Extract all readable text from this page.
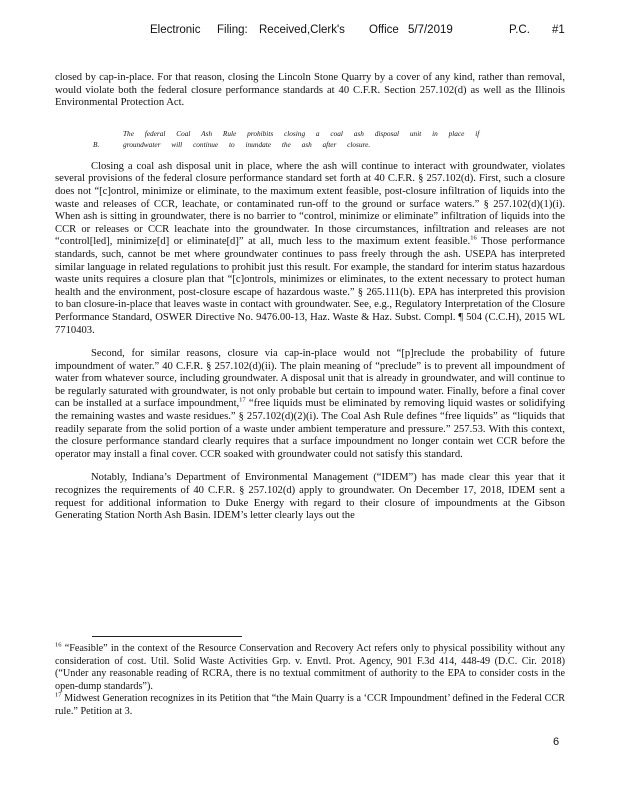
Electronic Filing: Received,Clerk's Office 5/7/2019	P.C. #1

closed by cap-in-place. For that reason, closing the Lincoln Stone Quarry by a cover of any kind, rather than removal, would violate both the federal closure performance standards at 40 C.F.R. Section 257.102(d) as well as the Illinois Environmental Protection Act.

B.The federal Coal Ash Rule prohibits closing a coal ash disposal unit in place if groundwater will continue to inundate the ash after closure.

Closing a coal ash disposal unit in place, where the ash will continue to interact with groundwater, violates several provisions of the federal closure performance standard set forth at 40 C.F.R. § 257.102(d). First, such a closure does not “[c]ontrol, minimize or eliminate, to the maximum extent feasible, post-closure infiltration of liquids into the waste and releases of CCR, leachate, or contaminated run-off to the ground or surface waters.” § 257.102(d)(1)(i). When ash is sitting in groundwater, there is no barrier to “control, minimize or eliminate” infiltration of liquids into the CCR or releases or CCR leachate into the groundwater. In those circumstances, infiltration and releases are not “control[led], minimize[d] or eliminate[d]” at all, much less to the maximum extent feasible.$^{16}$ Those performance standards, such, cannot be met where groundwater continues to pass freely through the ash. USEPA has interpreted similar language in related regulations to prohibit just this result. For example, the standard for interim status hazardous waste units requires a closure plan that “[c]ontrols, minimizes or eliminates, to the extent necessary to protect human health and the environment, post-closure escape of hazardous waste.” § 265.111(b). EPA has interpreted this provision to ban closure-in-place that leaves waste in contact with groundwater. See, e.g., Regulatory Interpretation of the Closure Performance Standard, OSWER Directive No. 9476.00-13, Haz. Waste & Haz. Subst. Compl. ¶ 504 (C.C.H), 2015 WL 7710403.

Second, for similar reasons, closure via cap-in-place would not “[p]reclude the probability of future impoundment of water.” 40 C.F.R. § 257.102(d)(ii). The plain meaning of “preclude” is to prevent all impoundment of water from whatever source, including groundwater. A disposal unit that is already in groundwater, and will continue to be regularly saturated with groundwater, is not only probable but certain to impound water. Finally, before a final cover can be installed at a surface impoundment,$^{17}$ “free liquids must be eliminated by removing liquid wastes or solidifying the remaining wastes and waste residues.” § 257.102(d)(2)(i). The Coal Ash Rule defines “free liquids” as “liquids that readily separate from the solid portion of a waste under ambient temperature and pressure.” 257.53. With this context, the closure performance standard clearly requires that a surface impoundment no longer contain wet CCR before the operator may install a final cover. CCR soaked with groundwater could not satisfy this standard.

Notably, Indiana’s Department of Environmental Management (“IDEM”) has made clear this year that it recognizes the requirements of 40 C.F.R. § 257.102(d) apply to groundwater. On December 17, 2018, IDEM sent a request for additional information to Duke Energy with regard to their closure of impoundments at the Gibson Generating Station North Ash Basin. IDEM’s letter clearly lays out the

$^{16}$ “Feasible” in the context of the Resource Conservation and Recovery Act refers only to physical possibility without any consideration of cost. Util. Solid Waste Activities Grp. v. Envtl. Prot. Agency, 901 F.3d 414, 448-49 (D.C. Cir. 2018) (“Under any reasonable reading of RCRA, there is no textual commitment of authority to the EPA to consider costs in the open-dump standards”).

$^{17}$ Midwest Generation recognizes in its Petition that “the Main Quarry is a ‘CCR Impoundment’ defined in the Federal CCR rule.” Petition at 3.

6
